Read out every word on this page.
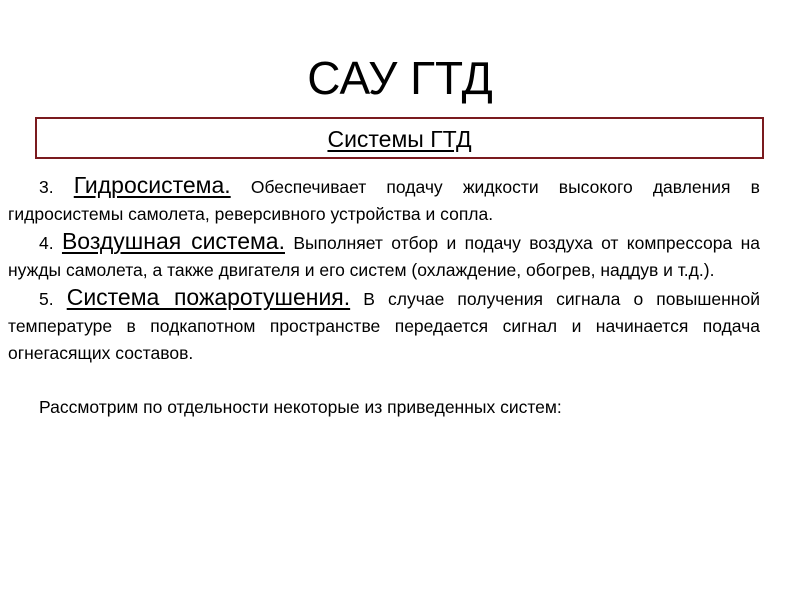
САУ ГТД
Системы ГТД

3. Гидросистема. Обеспечивает подачу жидкости высокого давления в гидросистемы самолета, реверсивного устройства и сопла.

4. Воздушная система. Выполняет отбор и подачу воздуха от компрессора на нужды самолета, а также двигателя и его систем (охлаждение, обогрев, наддув и т.д.).

5. Система пожаротушения. В случае получения сигнала о повышенной температуре в подкапотном пространстве передается сигнал и начинается подача огнегасящих составов.

Рассмотрим по отдельности некоторые из приведенных систем:
